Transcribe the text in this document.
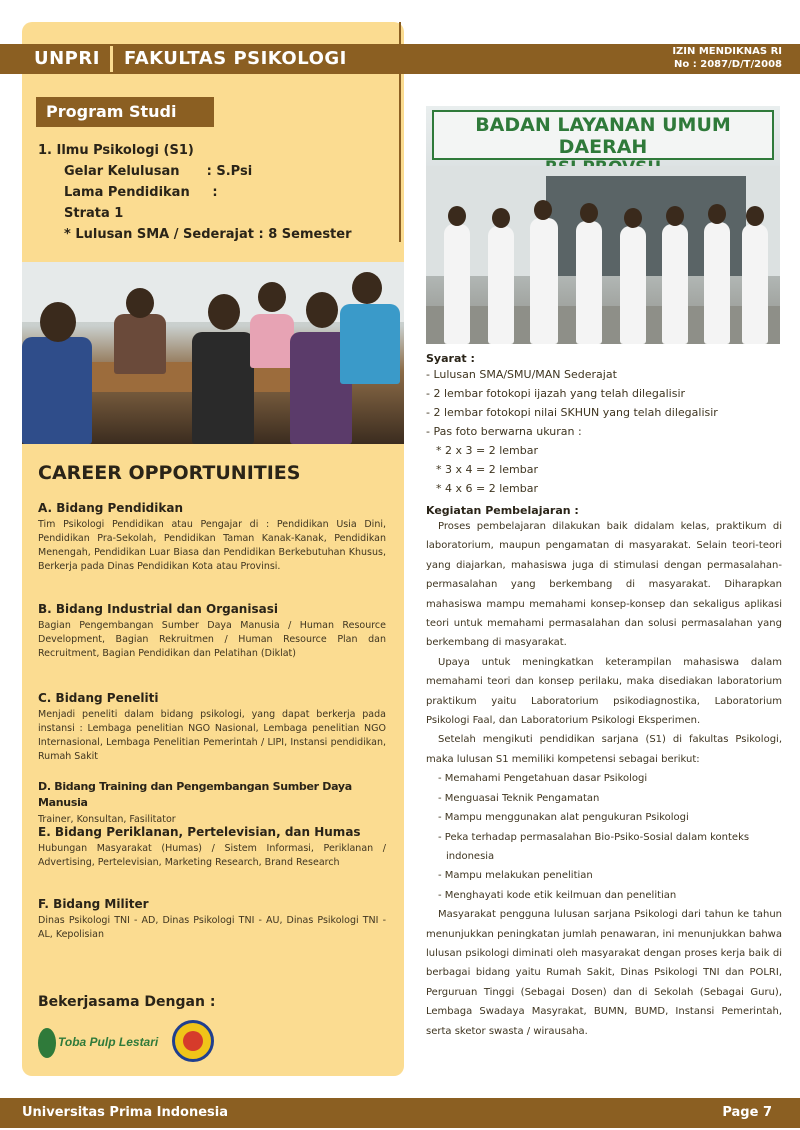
UNPRI FAKULTAS PSIKOLOGI	IZIN MENDIKNAS RI
No : 2087/D/T/2008
Program Studi
1. Ilmu Psikologi (S1)
Gelar Kelulusan      : S.Psi
Lama Pendidikan     :
Strata 1
* Lulusan SMA / Sederajat : 8 Semester
BADAN LAYANAN UMUM DAERAH
CAREER OPPORTUNITIES
A. Bidang Pendidikan

Tim Psikologi Pendidikan atau Pengajar di : Pendidikan Usia Dini, Pendidikan Pra-Sekolah, Pendidikan Taman Kanak-Kanak, Pendidikan Menengah, Pendidikan Luar Biasa dan Pendidikan Berkebutuhan Khusus, Berkerja pada Dinas Pendidikan Kota atau Provinsi.

B. Bidang Industrial dan Organisasi

Bagian Pengembangan Sumber Daya Manusia / Human Resource Development, Bagian Rekruitmen / Human Resource Plan dan Recruitment, Bagian Pendidikan dan Pelatihan (Diklat)

C. Bidang Peneliti

Menjadi peneliti dalam bidang psikologi, yang dapat berkerja pada instansi : Lembaga penelitian NGO Nasional, Lembaga penelitian NGO Internasional, Lembaga Penelitian Pemerintah / LIPI, Instansi pendidikan, Rumah Sakit

D. Bidang Training dan Pengembangan Sumber Daya Manusia

Trainer, Konsultan, Fasilitator

E. Bidang Periklanan, Pertelevisian, dan Humas

Hubungan Masyarakat (Humas) / Sistem Informasi, Periklanan / Advertising, Pertelevisian, Marketing Research, Brand Research

F. Bidang Militer

Dinas Psikologi TNI - AD, Dinas Psikologi TNI - AU, Dinas Psikologi TNI - AL, Kepolisian

Bekerjasama Dengan :
Toba Pulp Lestari
Syarat :
- Lulusan SMA/SMU/MAN Sederajat
- 2 lembar fotokopi ijazah yang telah dilegalisir
- 2 lembar fotokopi nilai SKHUN yang telah dilegalisir
- Pas foto berwarna ukuran :
* 2 x 3 = 2 lembar
* 3 x 4 = 2 lembar
* 4 x 6 = 2 lembar
Kegiatan Pembelajaran :

Proses pembelajaran dilakukan baik didalam kelas, praktikum di laboratorium, maupun pengamatan di masyarakat. Selain teori-teori yang diajarkan, mahasiswa juga di stimulasi dengan permasalahan-permasalahan yang berkembang di masyarakat. Diharapkan mahasiswa mampu memahami konsep-konsep dan sekaligus aplikasi teori untuk memahami permasalahan dan solusi permasalahan yang berkembang di masyarakat.

Upaya untuk meningkatkan keterampilan mahasiswa dalam memahami teori dan konsep perilaku, maka disediakan laboratorium praktikum yaitu Laboratorium psikodiagnostika, Laboratorium Psikologi Faal, dan Laboratorium Psikologi Eksperimen.

Setelah mengikuti pendidikan sarjana (S1) di fakultas Psikologi, maka lulusan S1 memiliki kompetensi sebagai berikut:

- Memahami Pengetahuan dasar Psikologi
- Menguasai Teknik Pengamatan
- Mampu menggunakan alat pengukuran Psikologi
- Peka terhadap permasalahan Bio-Psiko-Sosial dalam konteks
indonesia
- Mampu melakukan penelitian
- Menghayati kode etik keilmuan dan penelitian

Masyarakat pengguna lulusan sarjana Psikologi dari tahun ke tahun menunjukkan peningkatan jumlah penawaran, ini menunjukkan bahwa lulusan psikologi diminati oleh masyarakat dengan proses kerja baik di berbagai bidang yaitu Rumah Sakit, Dinas Psikologi TNI dan POLRI, Perguruan Tinggi (Sebagai Dosen) dan di Sekolah (Sebagai Guru), Lembaga Swadaya Masyrakat, BUMN, BUMD, Instansi Pemerintah, serta sketor swasta / wirausaha.

Universitas Prima Indonesia	Page 7
